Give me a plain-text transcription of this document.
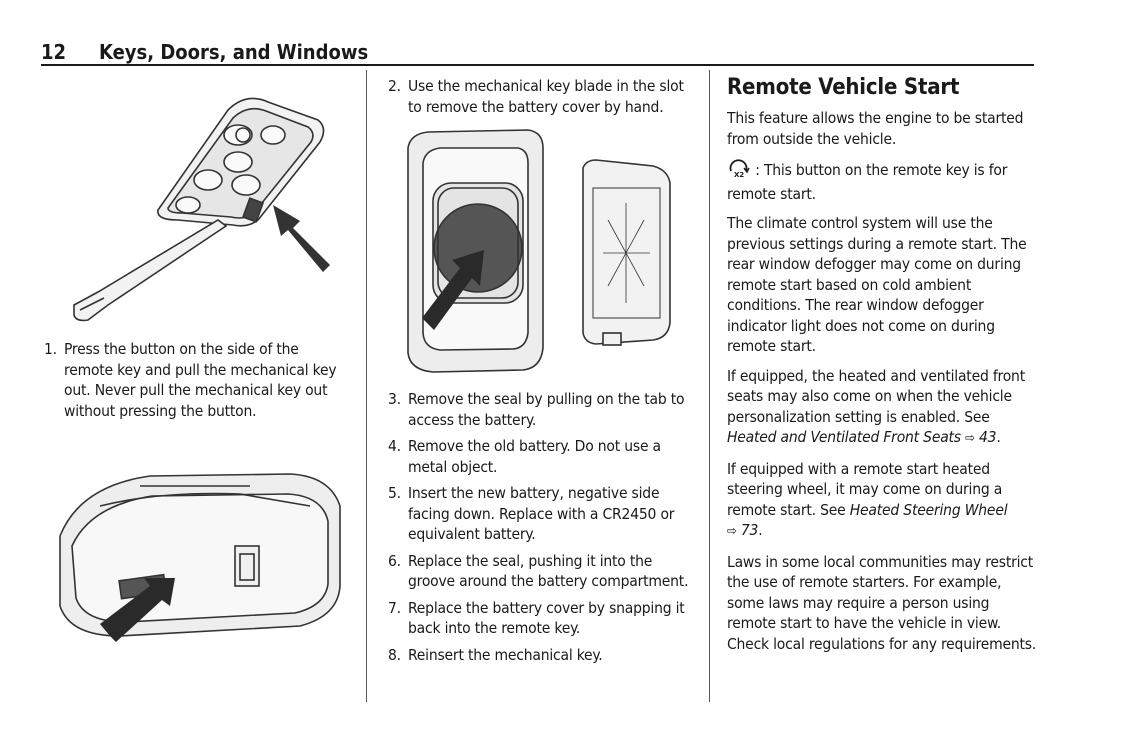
12	Keys, Doors, and Windows
1. Press the button on the side of the remote key and pull the mechanical key out. Never pull the mechanical key out without pressing the button.
2. Use the mechanical key blade in the slot to remove the battery cover by hand.
3. Remove the seal by pulling on the tab to access the battery.
4. Remove the old battery. Do not use a metal object.
5. Insert the new battery, negative side facing down. Replace with a CR2450 or equivalent battery.
6. Replace the seal, pushing it into the groove around the battery compartment.
7. Replace the battery cover by snapping it back into the remote key.
8. Reinsert the mechanical key.
Remote Vehicle Start

This feature allows the engine to be started from outside the vehicle.

X2 : This button on the remote key is for remote start.

The climate control system will use the previous settings during a remote start. The rear window defogger may come on during remote start based on cold ambient conditions. The rear window defogger indicator light does not come on during remote start.

If equipped, the heated and ventilated front seats may also come on when the vehicle personalization setting is enabled. See Heated and Ventilated Front Seats ⇨ 43.

If equipped with a remote start heated steering wheel, it may come on during a remote start. See Heated Steering Wheel
⇨ 73.

Laws in some local communities may restrict the use of remote starters. For example, some laws may require a person using remote start to have the vehicle in view. Check local regulations for any requirements.
